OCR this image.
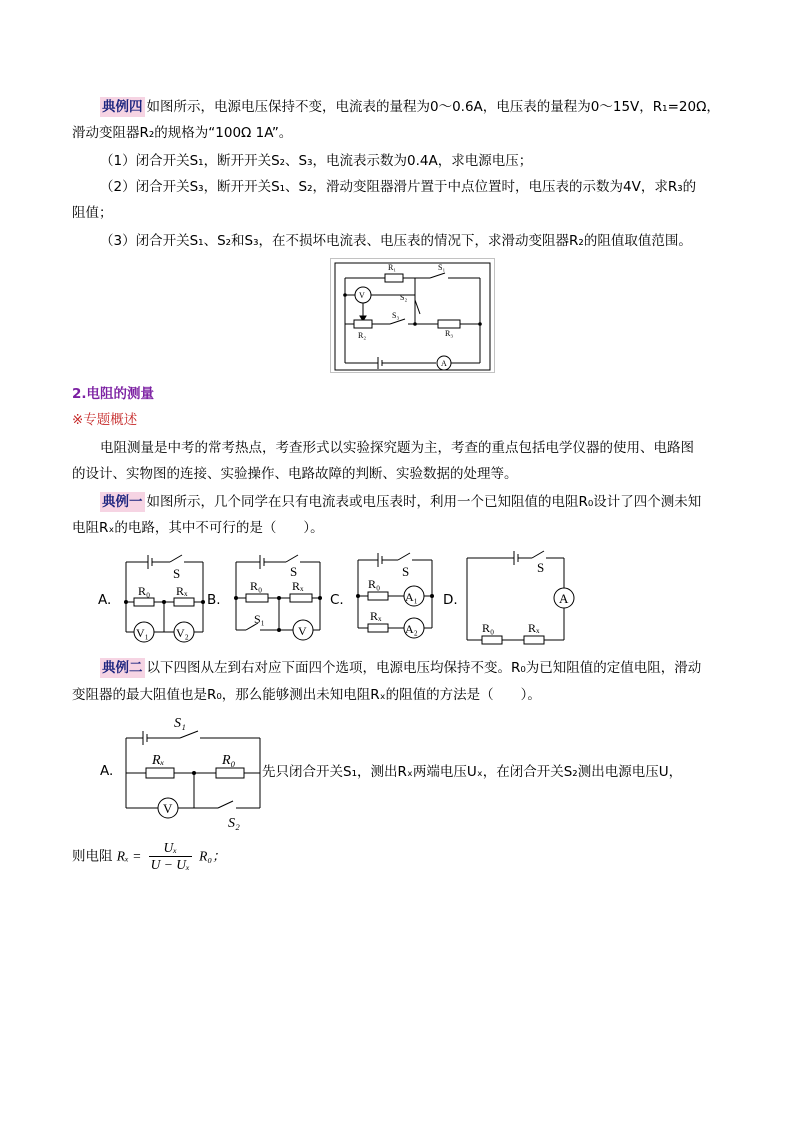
典例四 如图所示，电源电压保持不变，电流表的量程为0～0.6A，电压表的量程为0～15V，R₁=20Ω，
滑动变阻器R₂的规格为“100Ω 1A”。
（1）闭合开关S₁，断开开关S₂、S₃，电流表示数为0.4A，求电源电压；
（2）闭合开关S₃，断开开关S₁、S₂，滑动变阻器滑片置于中点位置时，电压表的示数为4V，求R₃的
阻值；
（3）闭合开关S₁、S₂和S₃，在不损坏电流表、电压表的情况下，求滑动变阻器R₂的阻值取值范围。
R₁	S₁
S₂
S₃
R₂	R₃
V
A
2.电阻的测量
※专题概述
电阻测量是中考的常考热点，考查形式以实验探究题为主，考查的重点包括电学仪器的使用、电路图
的设计、实物图的连接、实验操作、电路故障的判断、实验数据的处理等。
典例一 如图所示，几个同学在只有电流表或电压表时，利用一个已知阻值的电阻R₀设计了四个测未知
电阻Rₓ的电路，其中不可行的是（　　）。
A.	B.	C.	D.
S
R₀ Rₓ
V₁ V₂
S
R₀ Rₓ
S₁
V
S
R₀
A₁
Rₓ
A₂
S
A
R₀	Rₓ
典例二 以下四图从左到右对应下面四个选项，电源电压均保持不变。R₀为已知阻值的定值电阻，滑动
变阻器的最大阻值也是R₀，那么能够测出未知电阻Rₓ的阻值的方法是（　　）。
A.
S₁
Rₓ	R₀
V
S₂
先只闭合开关S₁，测出Rₓ两端电压Uₓ，在闭合开关S₂测出电源电压U，
则电阻 $R_x = \frac{\text{Uₓ}}{\text{U − Uₓ}} R_0$；
